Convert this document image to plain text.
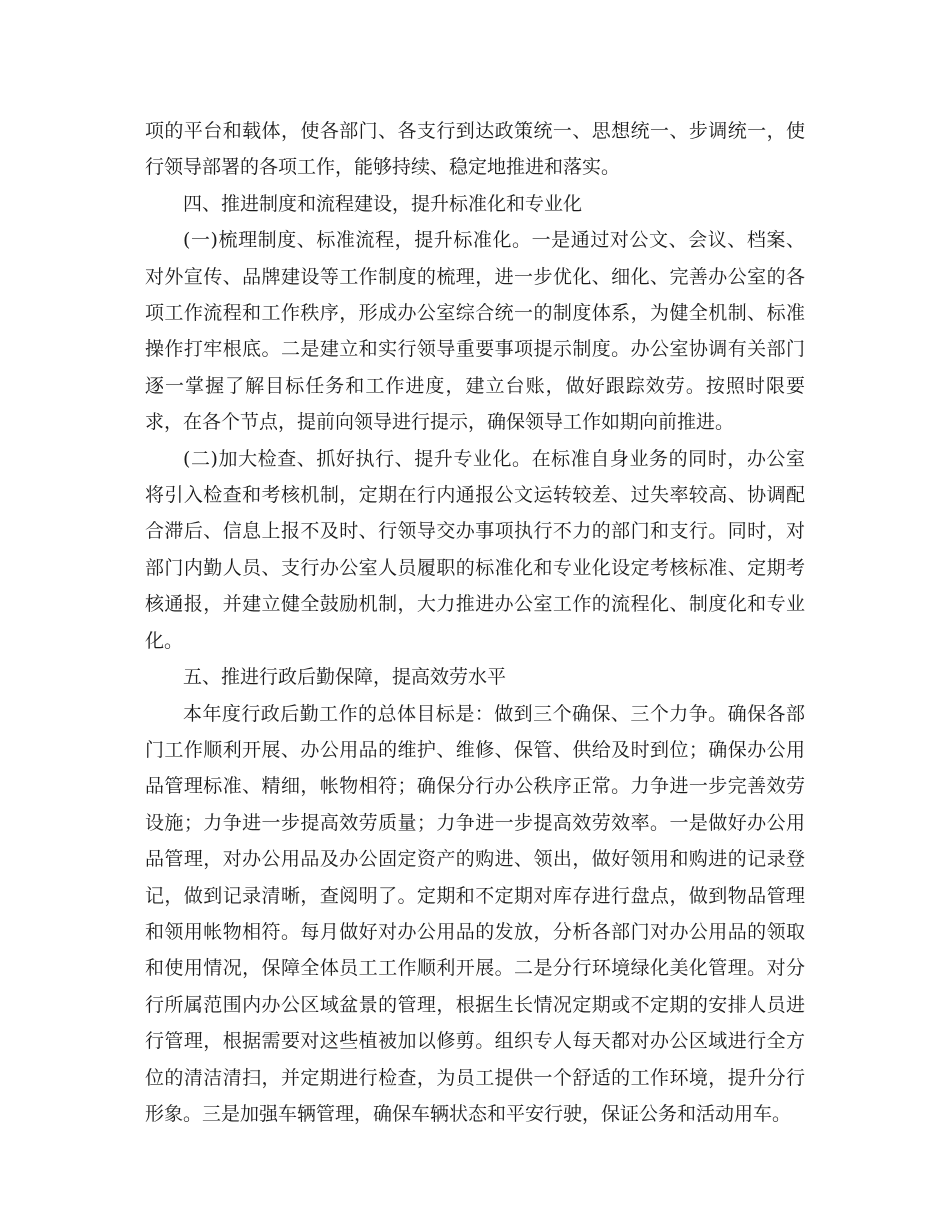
项的平台和载体，使各部门、各支行到达政策统一、思想统一、步调统一，使行领导部署的各项工作，能够持续、稳定地推进和落实。

四、推进制度和流程建设，提升标准化和专业化

(一)梳理制度、标准流程，提升标准化。一是通过对公文、会议、档案、对外宣传、品牌建设等工作制度的梳理，进一步优化、细化、完善办公室的各项工作流程和工作秩序，形成办公室综合统一的制度体系，为健全机制、标准操作打牢根底。二是建立和实行领导重要事项提示制度。办公室协调有关部门逐一掌握了解目标任务和工作进度，建立台账，做好跟踪效劳。按照时限要求，在各个节点，提前向领导进行提示，确保领导工作如期向前推进。

(二)加大检查、抓好执行、提升专业化。在标准自身业务的同时，办公室将引入检查和考核机制，定期在行内通报公文运转较差、过失率较高、协调配合滞后、信息上报不及时、行领导交办事项执行不力的部门和支行。同时，对部门内勤人员、支行办公室人员履职的标准化和专业化设定考核标准、定期考核通报，并建立健全鼓励机制，大力推进办公室工作的流程化、制度化和专业化。

五、推进行政后勤保障，提高效劳水平

本年度行政后勤工作的总体目标是：做到三个确保、三个力争。确保各部门工作顺利开展、办公用品的维护、维修、保管、供给及时到位；确保办公用品管理标准、精细，帐物相符；确保分行办公秩序正常。力争进一步完善效劳设施；力争进一步提高效劳质量；力争进一步提高效劳效率。一是做好办公用品管理，对办公用品及办公固定资产的购进、领出，做好领用和购进的记录登记，做到记录清晰，查阅明了。定期和不定期对库存进行盘点，做到物品管理和领用帐物相符。每月做好对办公用品的发放，分析各部门对办公用品的领取和使用情况，保障全体员工工作顺利开展。二是分行环境绿化美化管理。对分行所属范围内办公区域盆景的管理，根据生长情况定期或不定期的安排人员进行管理，根据需要对这些植被加以修剪。组织专人每天都对办公区域进行全方位的清洁清扫，并定期进行检查，为员工提供一个舒适的工作环境，提升分行形象。三是加强车辆管理，确保车辆状态和平安行驶，保证公务和活动用车。
